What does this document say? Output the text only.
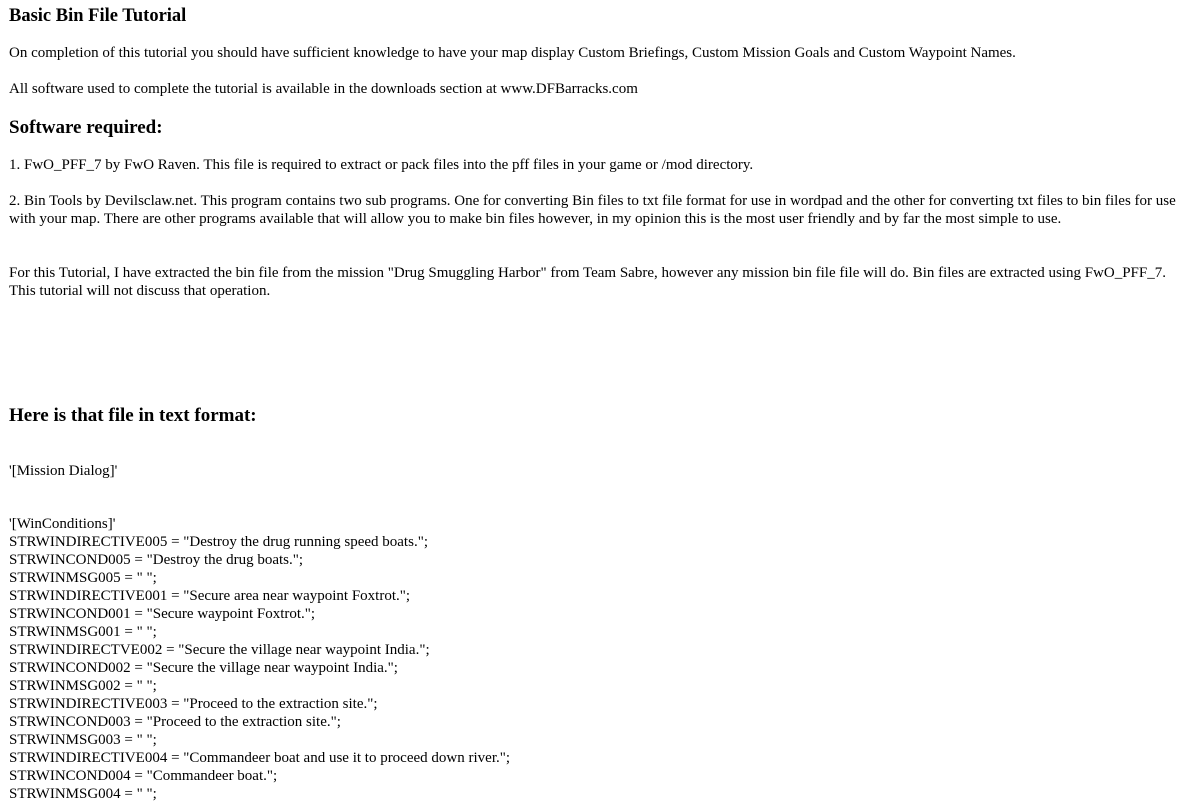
Basic Bin File Tutorial
On completion of this tutorial you should have sufficient knowledge to have your map display Custom Briefings, Custom Mission Goals and Custom Waypoint Names.
All software used to complete the tutorial is available in the downloads section at www.DFBarracks.com
Software required:
1. FwO_PFF_7 by FwO Raven. This file is required to extract or pack files into the pff files in your game or /mod directory.
2. Bin Tools by Devilsclaw.net. This program contains two sub programs. One for converting Bin files to txt file format for use in wordpad and the other for converting txt files to bin files for use with your map. There are other programs available that will allow you to make bin files however, in my opinion this is the most user friendly and by far the most simple to use.
For this Tutorial, I have extracted the bin file from the mission "Drug Smuggling Harbor" from Team Sabre, however any mission bin file file will do. Bin files are extracted using FwO_PFF_7. This tutorial will not discuss that operation.
Here is that file in text format:
'[Mission Dialog]'
'[WinConditions]'
STRWINDIRECTIVE005 = "Destroy the drug running speed boats.";
STRWINCOND005 = "Destroy the drug boats.";
STRWINMSG005 = " ";
STRWINDIRECTIVE001 = "Secure area near waypoint Foxtrot.";
STRWINCOND001 = "Secure waypoint Foxtrot.";
STRWINMSG001 = " ";
STRWINDIRECTVE002 = "Secure the village near waypoint India.";
STRWINCOND002 = "Secure the village near waypoint India.";
STRWINMSG002 = " ";
STRWINDIRECTIVE003 = "Proceed to the extraction site.";
STRWINCOND003 = "Proceed to the extraction site.";
STRWINMSG003 = " ";
STRWINDIRECTIVE004 = "Commandeer boat and use it to proceed down river.";
STRWINCOND004 = "Commandeer boat.";
STRWINMSG004 = " ";
